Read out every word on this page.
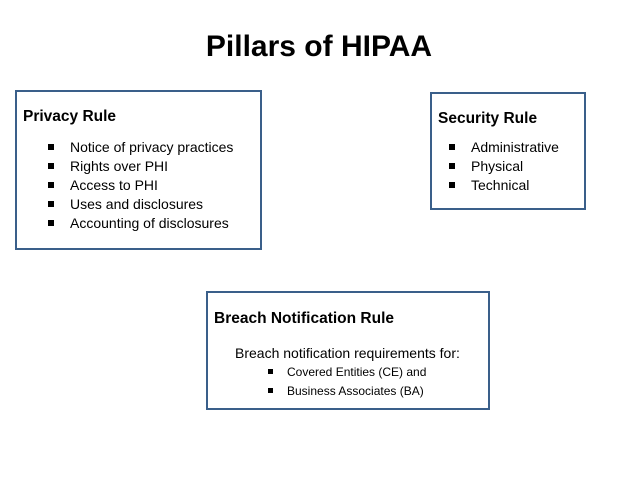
Pillars of HIPAA
Privacy Rule
Notice of privacy practices
Rights over PHI
Access to PHI
Uses and disclosures
Accounting of disclosures
Security Rule
Administrative
Physical
Technical
Breach Notification Rule
Breach notification requirements for:
Covered Entities (CE) and
Business Associates (BA)
